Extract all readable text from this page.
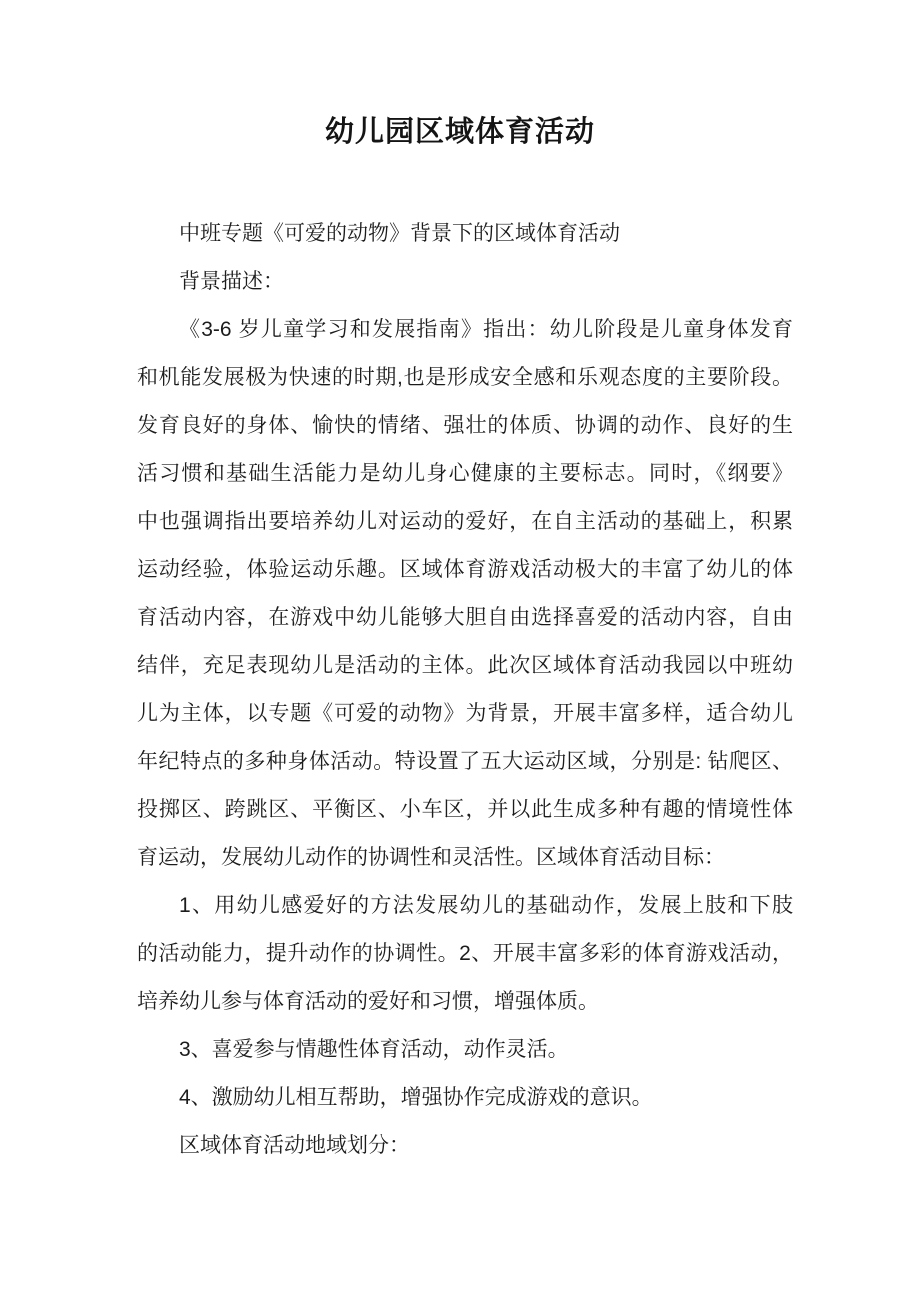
幼儿园区域体育活动
中班专题《可爱的动物》背景下的区域体育活动
背景描述：
《3-6 岁儿童学习和发展指南》指出：幼儿阶段是儿童身体发育
和机能发展极为快速的时期,也是形成安全感和乐观态度的主要阶段。
发育良好的身体、愉快的情绪、强壮的体质、协调的动作、良好的生
活习惯和基础生活能力是幼儿身心健康的主要标志。同时，《纲要》
中也强调指出要培养幼儿对运动的爱好，在自主活动的基础上，积累
运动经验，体验运动乐趣。区域体育游戏活动极大的丰富了幼儿的体
育活动内容，在游戏中幼儿能够大胆自由选择喜爱的活动内容，自由
结伴，充足表现幼儿是活动的主体。此次区域体育活动我园以中班幼
儿为主体，以专题《可爱的动物》为背景，开展丰富多样，适合幼儿
年纪特点的多种身体活动。特设置了五大运动区域，分别是: 钻爬区、
投掷区、跨跳区、平衡区、小车区，并以此生成多种有趣的情境性体
育运动，发展幼儿动作的协调性和灵活性。区域体育活动目标：
1、用幼儿感爱好的方法发展幼儿的基础动作，发展上肢和下肢
的活动能力，提升动作的协调性。2、开展丰富多彩的体育游戏活动，
培养幼儿参与体育活动的爱好和习惯，增强体质。
3、喜爱参与情趣性体育活动，动作灵活。
4、激励幼儿相互帮助，增强协作完成游戏的意识。
区域体育活动地域划分：
